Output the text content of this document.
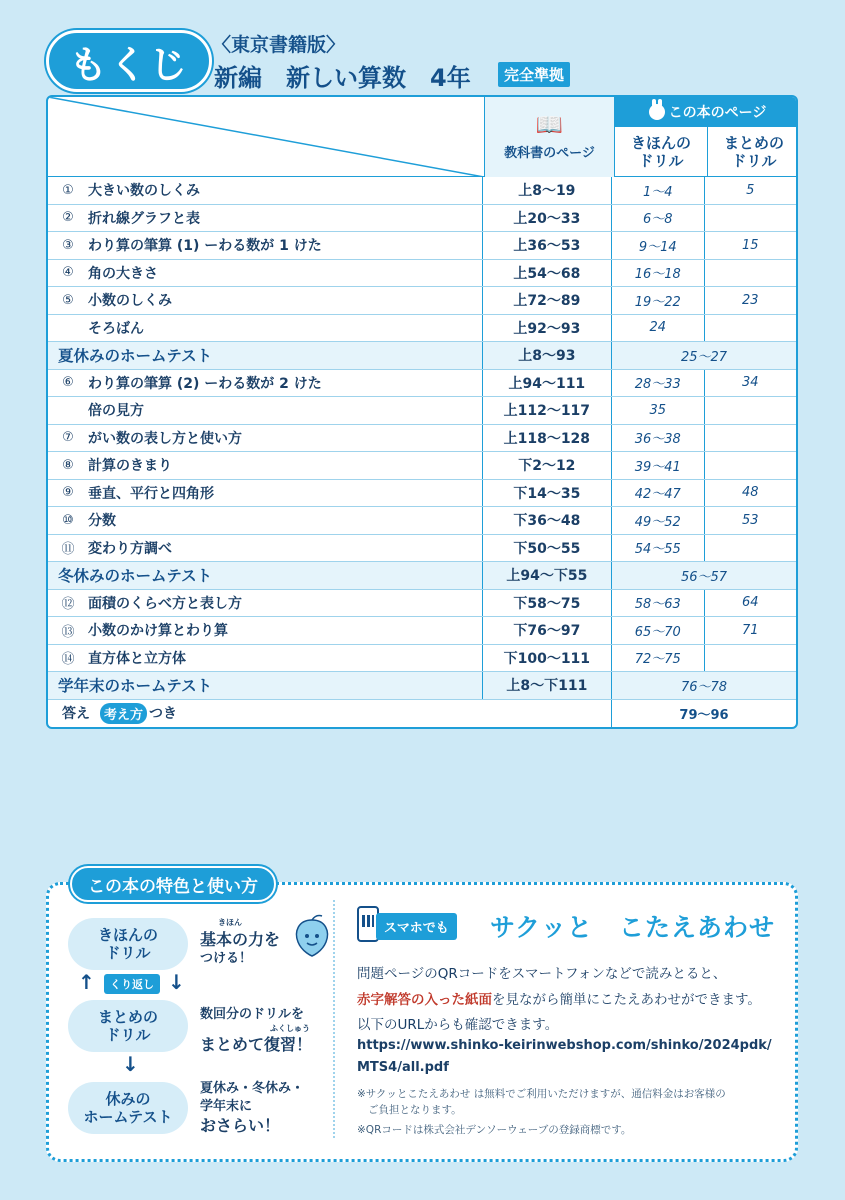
もくじ	〈東京書籍版〉
新編　新しい算数　4年	完全準拠
📖
教科書のページ
この本のページ
きほんの
ドリル
まとめの
ドリル
①	大きい数のしくみ	上8～19	1～4	5
②	折れ線グラフと表	上20～33	6～8
③	わり算の筆算 (1) ーわる数が 1 けた	上36～53	9～14	15
④	角の大きさ	上54～68	16～18
⑤	小数のしくみ	上72～89	19～22	23
そろばん	上92～93	24
夏休みのホームテスト	上8～93	25～27
⑥	わり算の筆算 (2) ーわる数が 2 けた	上94～111	28～33	34
倍の見方	上112～117	35
⑦	がい数の表し方と使い方	上118～128	36～38
⑧	計算のきまり	下2～12	39～41
⑨	垂直、平行と四角形	下14～35	42～47	48
⑩	分数	下36～48	49～52	53
⑪ 変わり方調べ	下50～55	54～55
冬休みのホームテスト	上94～下55	56～57
⑫ 面積のくらべ方と表し方	下58～75	58～63	64
⑬ 小数のかけ算とわり算	下76～97	65～70	71
⑭ 直方体と立方体	下100～111	72～75
学年末のホームテスト	上8～下111	76～78
答え	考え方 つき	79～96
この本の特色と使い方
きほんの
ドリル
きほん
基本の力を
つける！
↑	くり返し ↓
まとめの
ドリル
数回分のドリルを
ふくしゅう
まとめて復習！
↓
休みの
ホームテスト
夏休み・冬休み・
学年末に
おさらい！
スマホでも	サクッと　こたえあわせ
問題ページのQRコードをスマートフォンなどで読みとると、
赤字解答の入った紙面を見ながら簡単にこたえあわせができます。
以下のURLからも確認できます。
https://www.shinko-keirinwebshop.com/shinko/2024pdk/
MTS4/all.pdf
※サクッとこたえあわせ は無料でご利用いただけますが、通信料金はお客様の
ご負担となります。
※QRコードは株式会社デンソーウェーブの登録商標です。
